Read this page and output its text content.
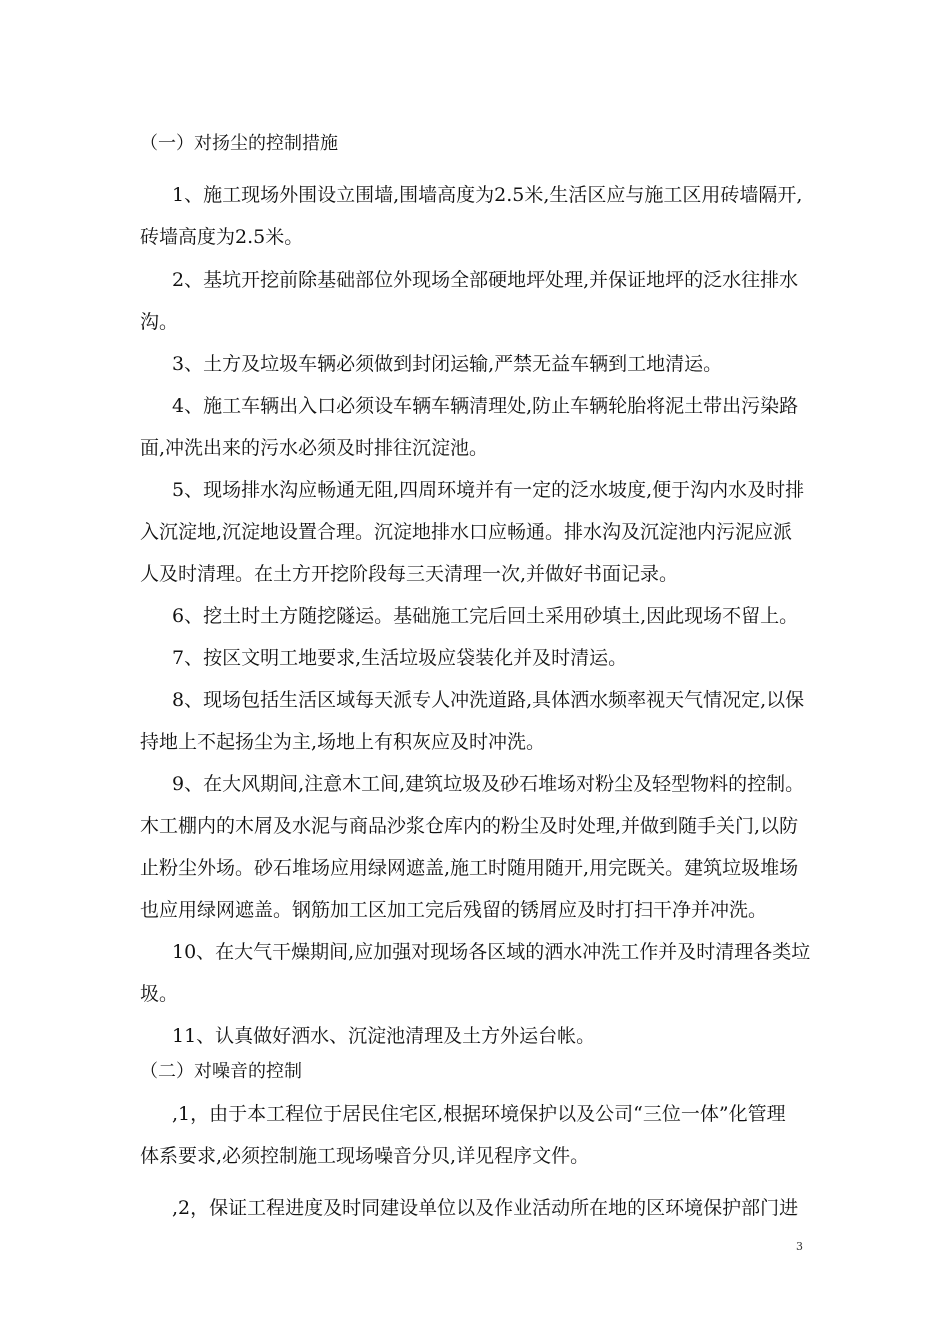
（一）对扬尘的控制措施
1、施工现场外围设立围墙,围墙高度为2.5米,生活区应与施工区用砖墙隔开,
砖墙高度为2.5米。
2、基坑开挖前除基础部位外现场全部硬地坪处理,并保证地坪的泛水往排水
沟。
3、土方及垃圾车辆必须做到封闭运输,严禁无益车辆到工地清运。
4、施工车辆出入口必须设车辆车辆清理处,防止车辆轮胎将泥土带出污染路
面,冲洗出来的污水必须及时排往沉淀池。
5、现场排水沟应畅通无阻,四周环境并有一定的泛水坡度,便于沟内水及时排
入沉淀地,沉淀地设置合理。沉淀地排水口应畅通。排水沟及沉淀池内污泥应派
人及时清理。在土方开挖阶段每三天清理一次,并做好书面记录。
6、挖土时土方随挖隧运。基础施工完后回土采用砂填土,因此现场不留上。
7、按区文明工地要求,生活垃圾应袋装化并及时清运。
8、现场包括生活区域每天派专人冲洗道路,具体洒水频率视天气情况定,以保
持地上不起扬尘为主,场地上有积灰应及时冲洗。
9、在大风期间,注意木工间,建筑垃圾及砂石堆场对粉尘及轻型物料的控制。
木工棚内的木屑及水泥与商品沙浆仓库内的粉尘及时处理,并做到随手关门,以防
止粉尘外场。砂石堆场应用绿网遮盖,施工时随用随开,用完既关。建筑垃圾堆场
也应用绿网遮盖。钢筋加工区加工完后残留的锈屑应及时打扫干净并冲洗。
10、在大气干燥期间,应加强对现场各区域的洒水冲洗工作并及时清理各类垃
圾。
11、认真做好洒水、沉淀池清理及土方外运台帐。
（二）对噪音的控制
,1，由于本工程位于居民住宅区,根据环境保护以及公司“三位一体”化管理
体系要求,必须控制施工现场噪音分贝,详见程序文件。
,2，保证工程进度及时同建设单位以及作业活动所在地的区环境保护部门进
3
